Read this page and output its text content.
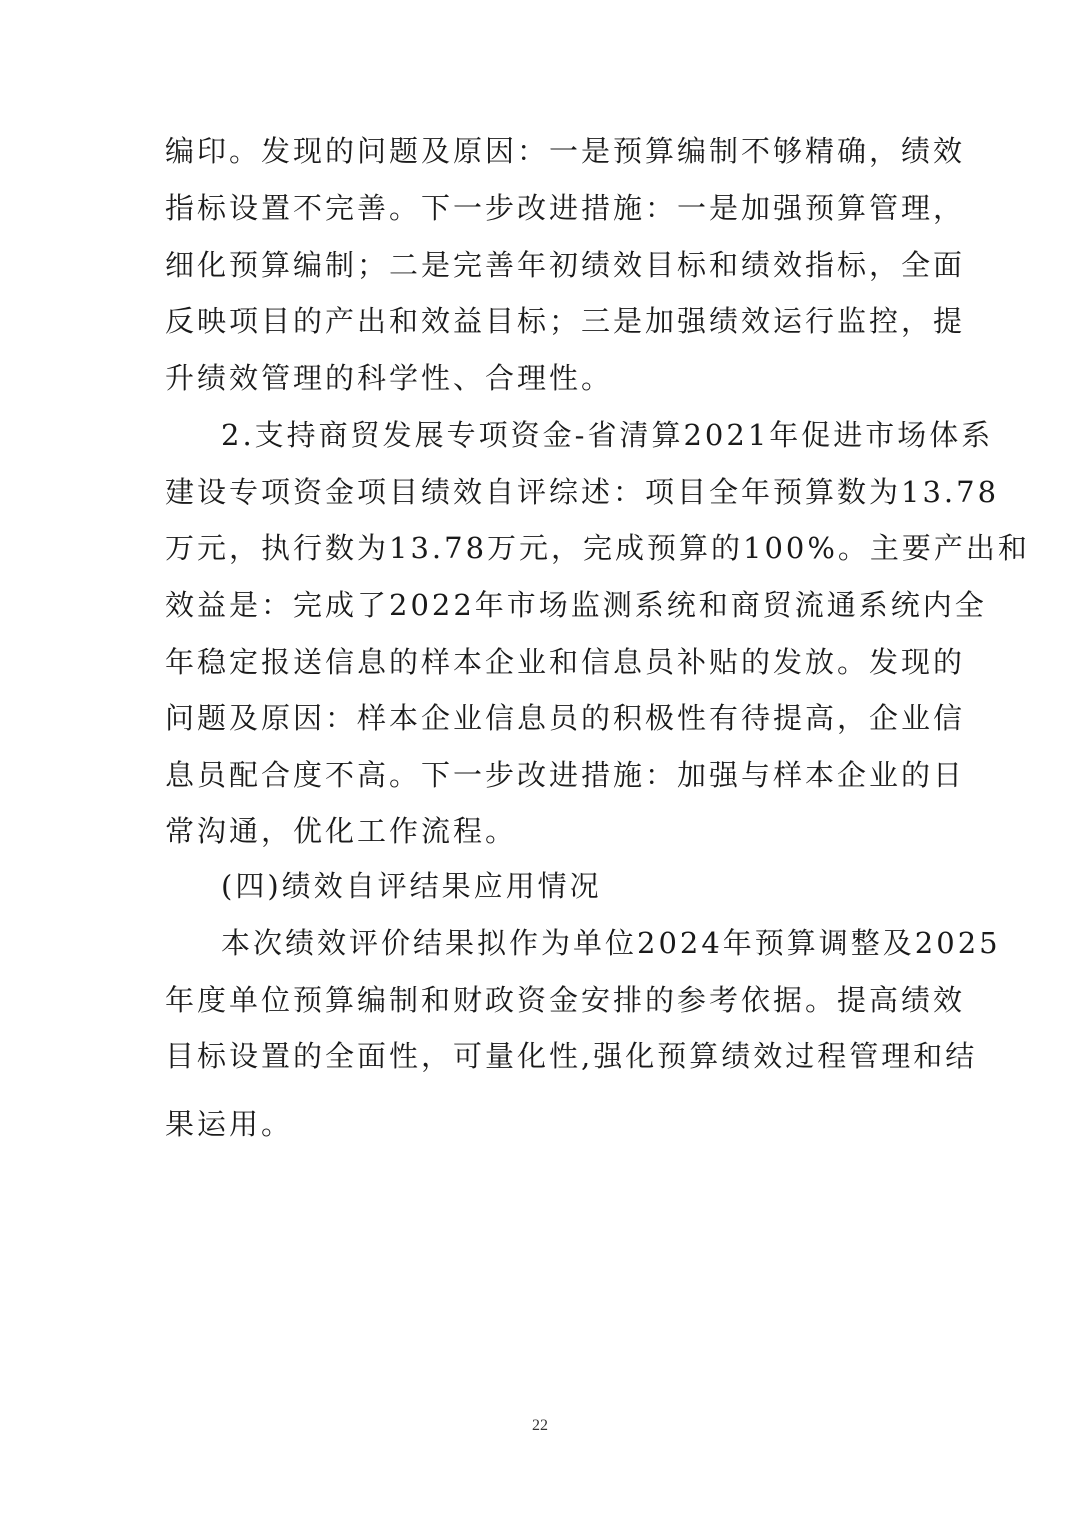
编印。发现的问题及原因：一是预算编制不够精确，绩效
指标设置不完善。下一步改进措施：一是加强预算管理，
细化预算编制；二是完善年初绩效目标和绩效指标，全面
反映项目的产出和效益目标；三是加强绩效运行监控，提
升绩效管理的科学性、合理性。
2.支持商贸发展专项资金-省清算2021年促进市场体系
建设专项资金项目绩效自评综述：项目全年预算数为13.78
万元，执行数为13.78万元，完成预算的100%。主要产出和
效益是：完成了2022年市场监测系统和商贸流通系统内全
年稳定报送信息的样本企业和信息员补贴的发放。发现的
问题及原因：样本企业信息员的积极性有待提高，企业信
息员配合度不高。下一步改进措施：加强与样本企业的日
常沟通，优化工作流程。
(四)绩效自评结果应用情况
本次绩效评价结果拟作为单位2024年预算调整及2025
年度单位预算编制和财政资金安排的参考依据。提高绩效
目标设置的全面性，可量化性,强化预算绩效过程管理和结
果运用。
22
